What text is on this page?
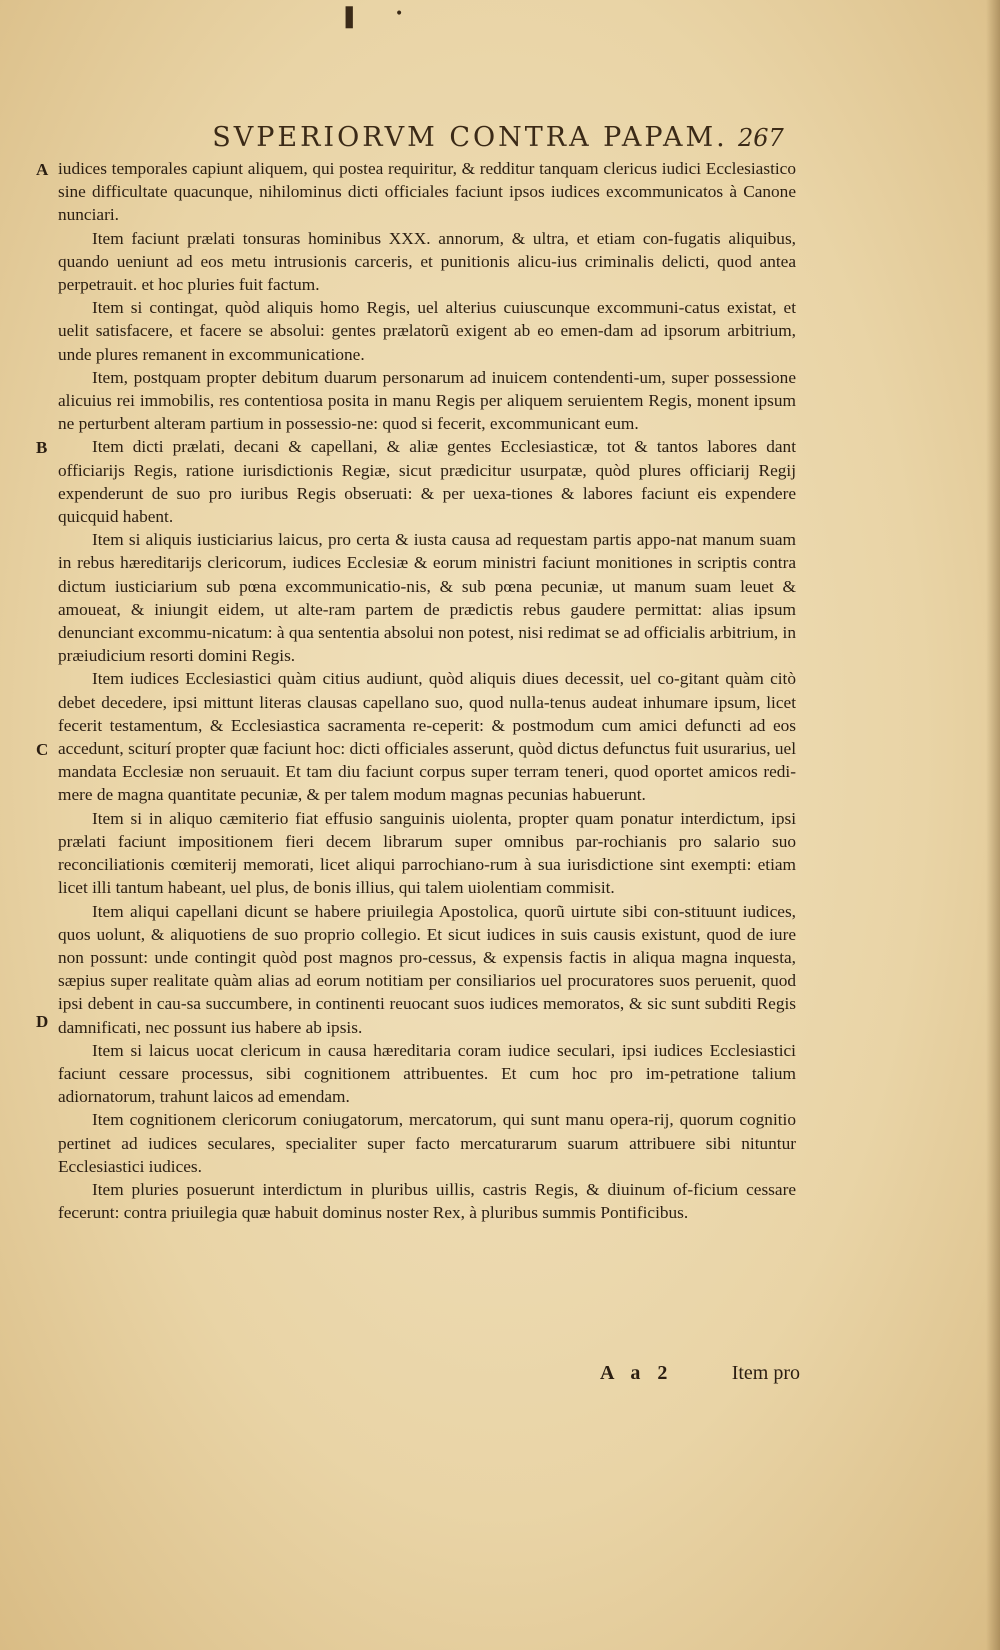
❚	•
SVPERIORVM CONTRA PAPAM. 267
A
B
C
D

iudices temporales capiunt aliquem, qui postea requiritur, & redditur tanquam clericus iudici Ecclesiastico sine difficultate quacunque, nihilominus dicti officiales faciunt ipsos iudices excommunicatos à Canone nunciari.

Item faciunt prælati tonsuras hominibus XXX. annorum, & ultra, et etiam con-fugatis aliquibus, quando ueniunt ad eos metu intrusionis carceris, et punitionis alicu-ius criminalis delicti, quod antea perpetrauit. et hoc pluries fuit factum.

Item si contingat, quòd aliquis homo Regis, uel alterius cuiuscunque excommuni-catus existat, et uelit satisfacere, et facere se absolui: gentes prælatorũ exigent ab eo emen-dam ad ipsorum arbitrium, unde plures remanent in excommunicatione.

Item, postquam propter debitum duarum personarum ad inuicem contendenti-um, super possessione alicuius rei immobilis, res contentiosa posita in manu Regis per aliquem seruientem Regis, monent ipsum ne perturbent alteram partium in possessio-ne: quod si fecerit, excommunicant eum.

Item dicti prælati, decani & capellani, & aliæ gentes Ecclesiasticæ, tot & tantos labores dant officiarijs Regis, ratione iurisdictionis Regiæ, sicut prædicitur usurpatæ, quòd plures officiarij Regij expenderunt de suo pro iuribus Regis obseruati: & per uexa-tiones & labores faciunt eis expendere quicquid habent.

Item si aliquis iusticiarius laicus, pro certa & iusta causa ad requestam partis appo-nat manum suam in rebus hæreditarijs clericorum, iudices Ecclesiæ & eorum ministri faciunt monitiones in scriptis contra dictum iusticiarium sub pœna excommunicatio-nis, & sub pœna pecuniæ, ut manum suam leuet & amoueat, & iniungit eidem, ut alte-ram partem de prædictis rebus gaudere permittat: alias ipsum denunciant excommu-nicatum: à qua sententia absolui non potest, nisi redimat se ad officialis arbitrium, in præiudicium resorti domini Regis.

Item iudices Ecclesiastici quàm citius audiunt, quòd aliquis diues decessit, uel co-gitant quàm citò debet decedere, ipsi mittunt literas clausas capellano suo, quod nulla-tenus audeat inhumare ipsum, licet fecerit testamentum, & Ecclesiastica sacramenta re-ceperit: & postmodum cum amici defuncti ad eos accedunt, sciturí propter quæ faciunt hoc: dicti officiales asserunt, quòd dictus defunctus fuit usurarius, uel mandata Ecclesiæ non seruauit. Et tam diu faciunt corpus super terram teneri, quod oportet amicos redi-mere de magna quantitate pecuniæ, & per talem modum magnas pecunias habuerunt.

Item si in aliquo cæmiterio fiat effusio sanguinis uiolenta, propter quam ponatur interdictum, ipsi prælati faciunt impositionem fieri decem librarum super omnibus par-rochianis pro salario suo reconciliationis cœmiterij memorati, licet aliqui parrochiano-rum à sua iurisdictione sint exempti: etiam licet illi tantum habeant, uel plus, de bonis illius, qui talem uiolentiam commisit.

Item aliqui capellani dicunt se habere priuilegia Apostolica, quorũ uirtute sibi con-stituunt iudices, quos uolunt, & aliquotiens de suo proprio collegio. Et sicut iudices in suis causis existunt, quod de iure non possunt: unde contingit quòd post magnos pro-cessus, & expensis factis in aliqua magna inquesta, sæpius super realitate quàm alias ad eorum notitiam per consiliarios uel procuratores suos peruenit, quod ipsi debent in cau-sa succumbere, in continenti reuocant suos iudices memoratos, & sic sunt subditi Regis damnificati, nec possunt ius habere ab ipsis.

Item si laicus uocat clericum in causa hæreditaria coram iudice seculari, ipsi iudices Ecclesiastici faciunt cessare processus, sibi cognitionem attribuentes. Et cum hoc pro im-petratione talium adiornatorum, trahunt laicos ad emendam.

Item cognitionem clericorum coniugatorum, mercatorum, qui sunt manu opera-rij, quorum cognitio pertinet ad iudices seculares, specialiter super facto mercaturarum suarum attribuere sibi nituntur Ecclesiastici iudices.

Item pluries posuerunt interdictum in pluribus uillis, castris Regis, & diuinum of-ficium cessare fecerunt: contra priuilegia quæ habuit dominus noster Rex, à pluribus summis Pontificibus.

A a 2	Item pro
